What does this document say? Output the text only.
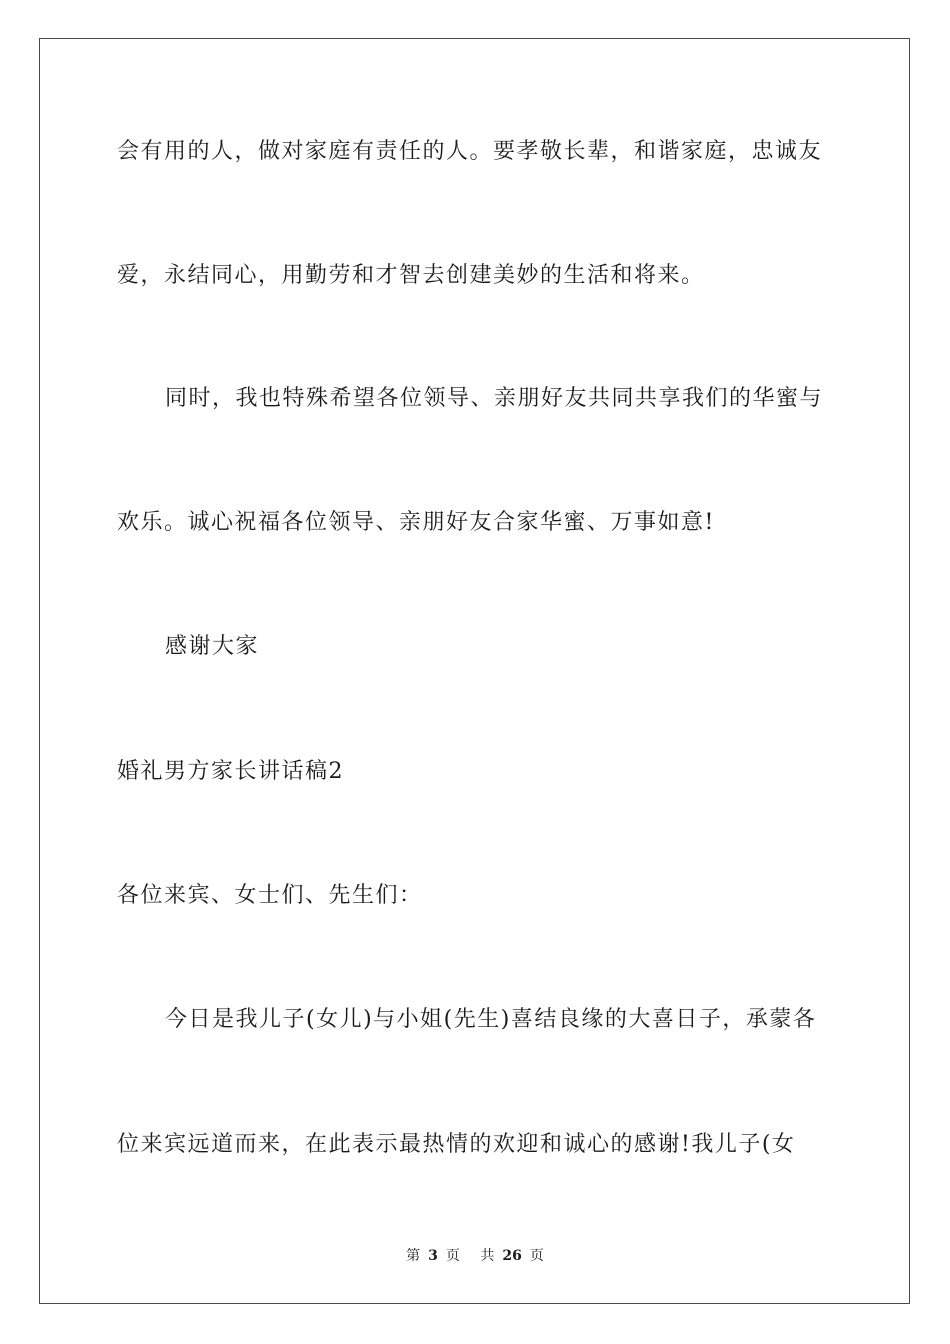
会有用的人，做对家庭有责任的人。要孝敬长辈，和谐家庭，忠诚友
爱，永结同心，用勤劳和才智去创建美妙的生活和将来。
同时，我也特殊希望各位领导、亲朋好友共同共享我们的华蜜与
欢乐。诚心祝福各位领导、亲朋好友合家华蜜、万事如意!
感谢大家
婚礼男方家长讲话稿2
各位来宾、女士们、先生们：
今日是我儿子(女儿)与小姐(先生)喜结良缘的大喜日子，承蒙各
位来宾远道而来，在此表示最热情的欢迎和诚心的感谢!我儿子(女
第 3 页 共 26 页
